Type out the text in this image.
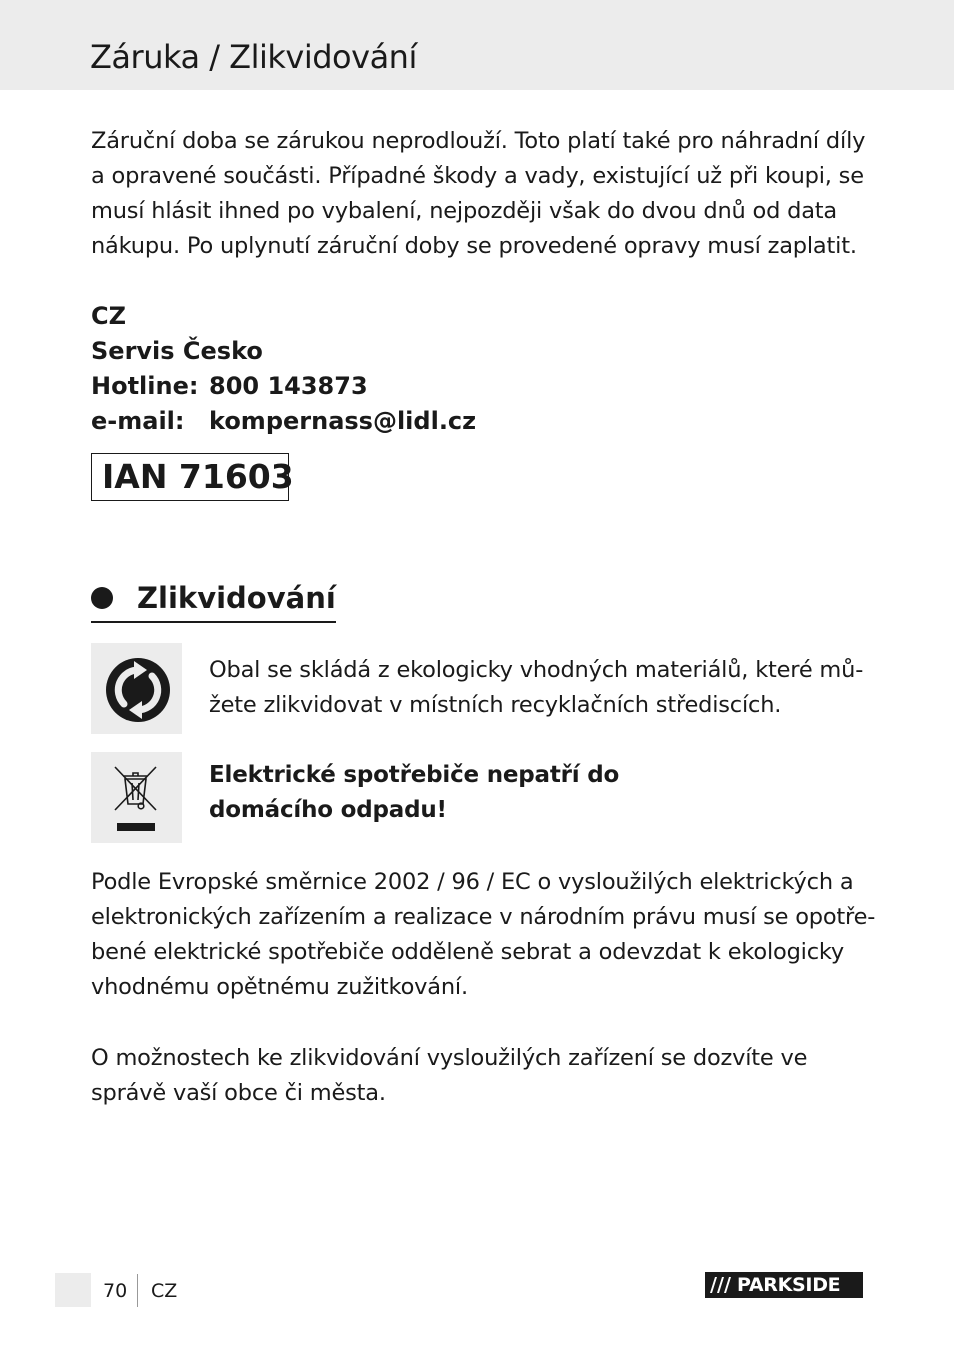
Záruka / Zlikvidování

Záruční doba se zárukou neprodlouží. Toto platí také pro náhradní díly
a opravené součásti. Případné škody a vady, existující už při koupi, se
musí hlásit ihned po vybalení, nejpozději však do dvou dnů od data
nákupu. Po uplynutí záruční doby se provedené opravy musí zaplatit.

CZ
Servis Česko
Hotline: 800 143873
e-mail: kompernass@lidl.cz
IAN 71603
Zlikvidování

Obal se skládá z ekologicky vhodných materiálů, které mů-
žete zlikvidovat v místních recyklačních střediscích.

Elektrické spotřebiče nepatří do
domácího odpadu!

Podle Evropské směrnice 2002 / 96 / EC o vysloužilých elektrických a
elektronických zařízením a realizace v národním právu musí se opotře-
bené elektrické spotřebiče odděleně sebrat a odevzdat k ekologicky
vhodnému opětnému zužitkování.

O možnostech ke zlikvidování vysloužilých zařízení se dozvíte ve
správě vaší obce či města.

70 CZ	PARKSIDE
